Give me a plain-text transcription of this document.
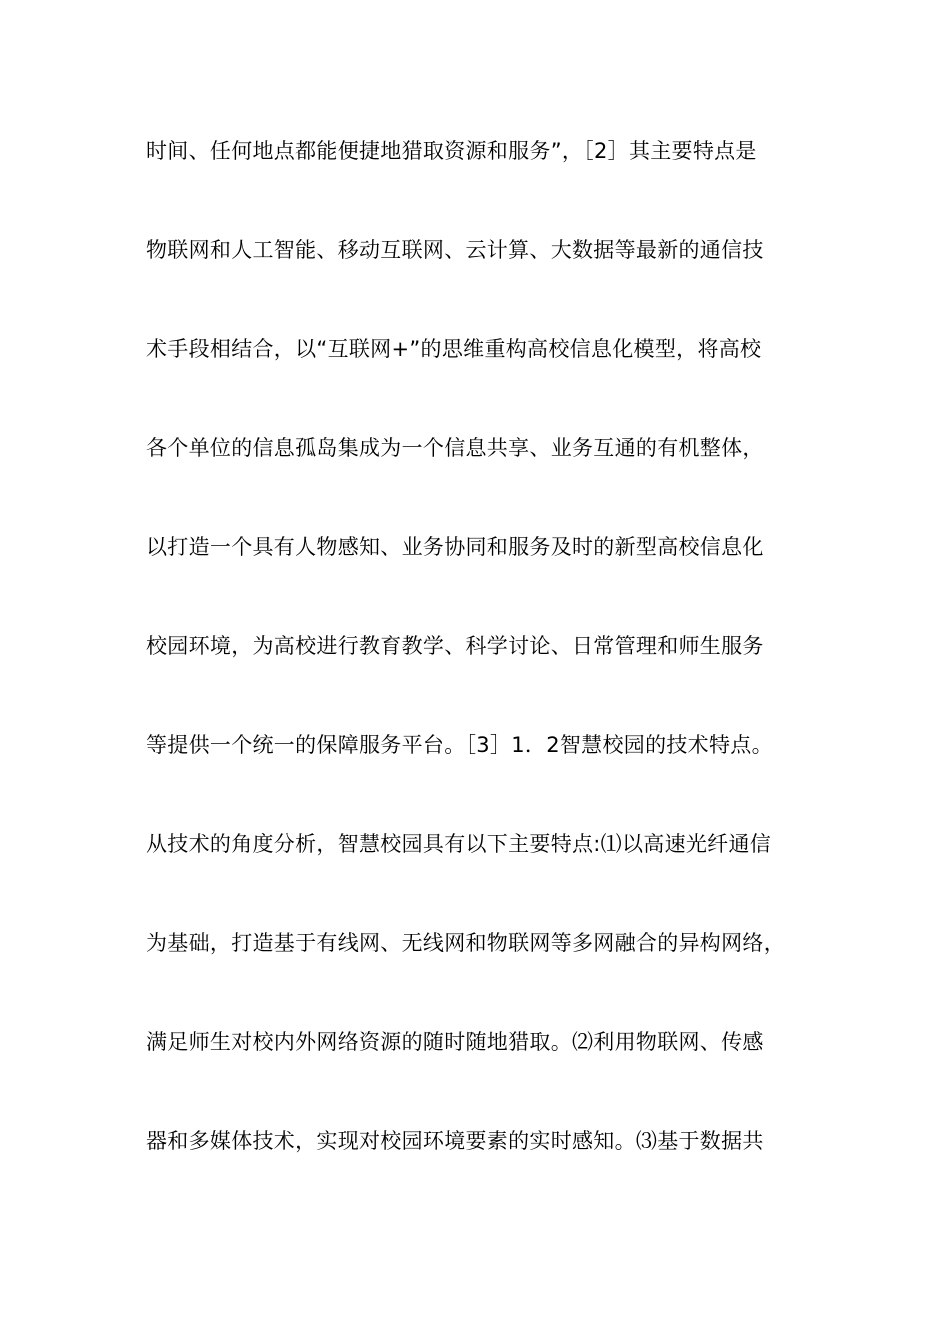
时间、任何地点都能便捷地猎取资源和服务”，［2］其主要特点是
物联网和人工智能、移动互联网、云计算、大数据等最新的通信技
术手段相结合，以“互联网+”的思维重构高校信息化模型，将高校
各个单位的信息孤岛集成为一个信息共享、业务互通的有机整体，
以打造一个具有人物感知、业务协同和服务及时的新型高校信息化
校园环境，为高校进行教育教学、科学讨论、日常管理和师生服务
等提供一个统一的保障服务平台。［3］1．2智慧校园的技术特点。
从技术的角度分析，智慧校园具有以下主要特点:⑴以高速光纤通信
为基础，打造基于有线网、无线网和物联网等多网融合的异构网络，
满足师生对校内外网络资源的随时随地猎取。⑵利用物联网、传感
器和多媒体技术，实现对校园环境要素的实时感知。⑶基于数据共
